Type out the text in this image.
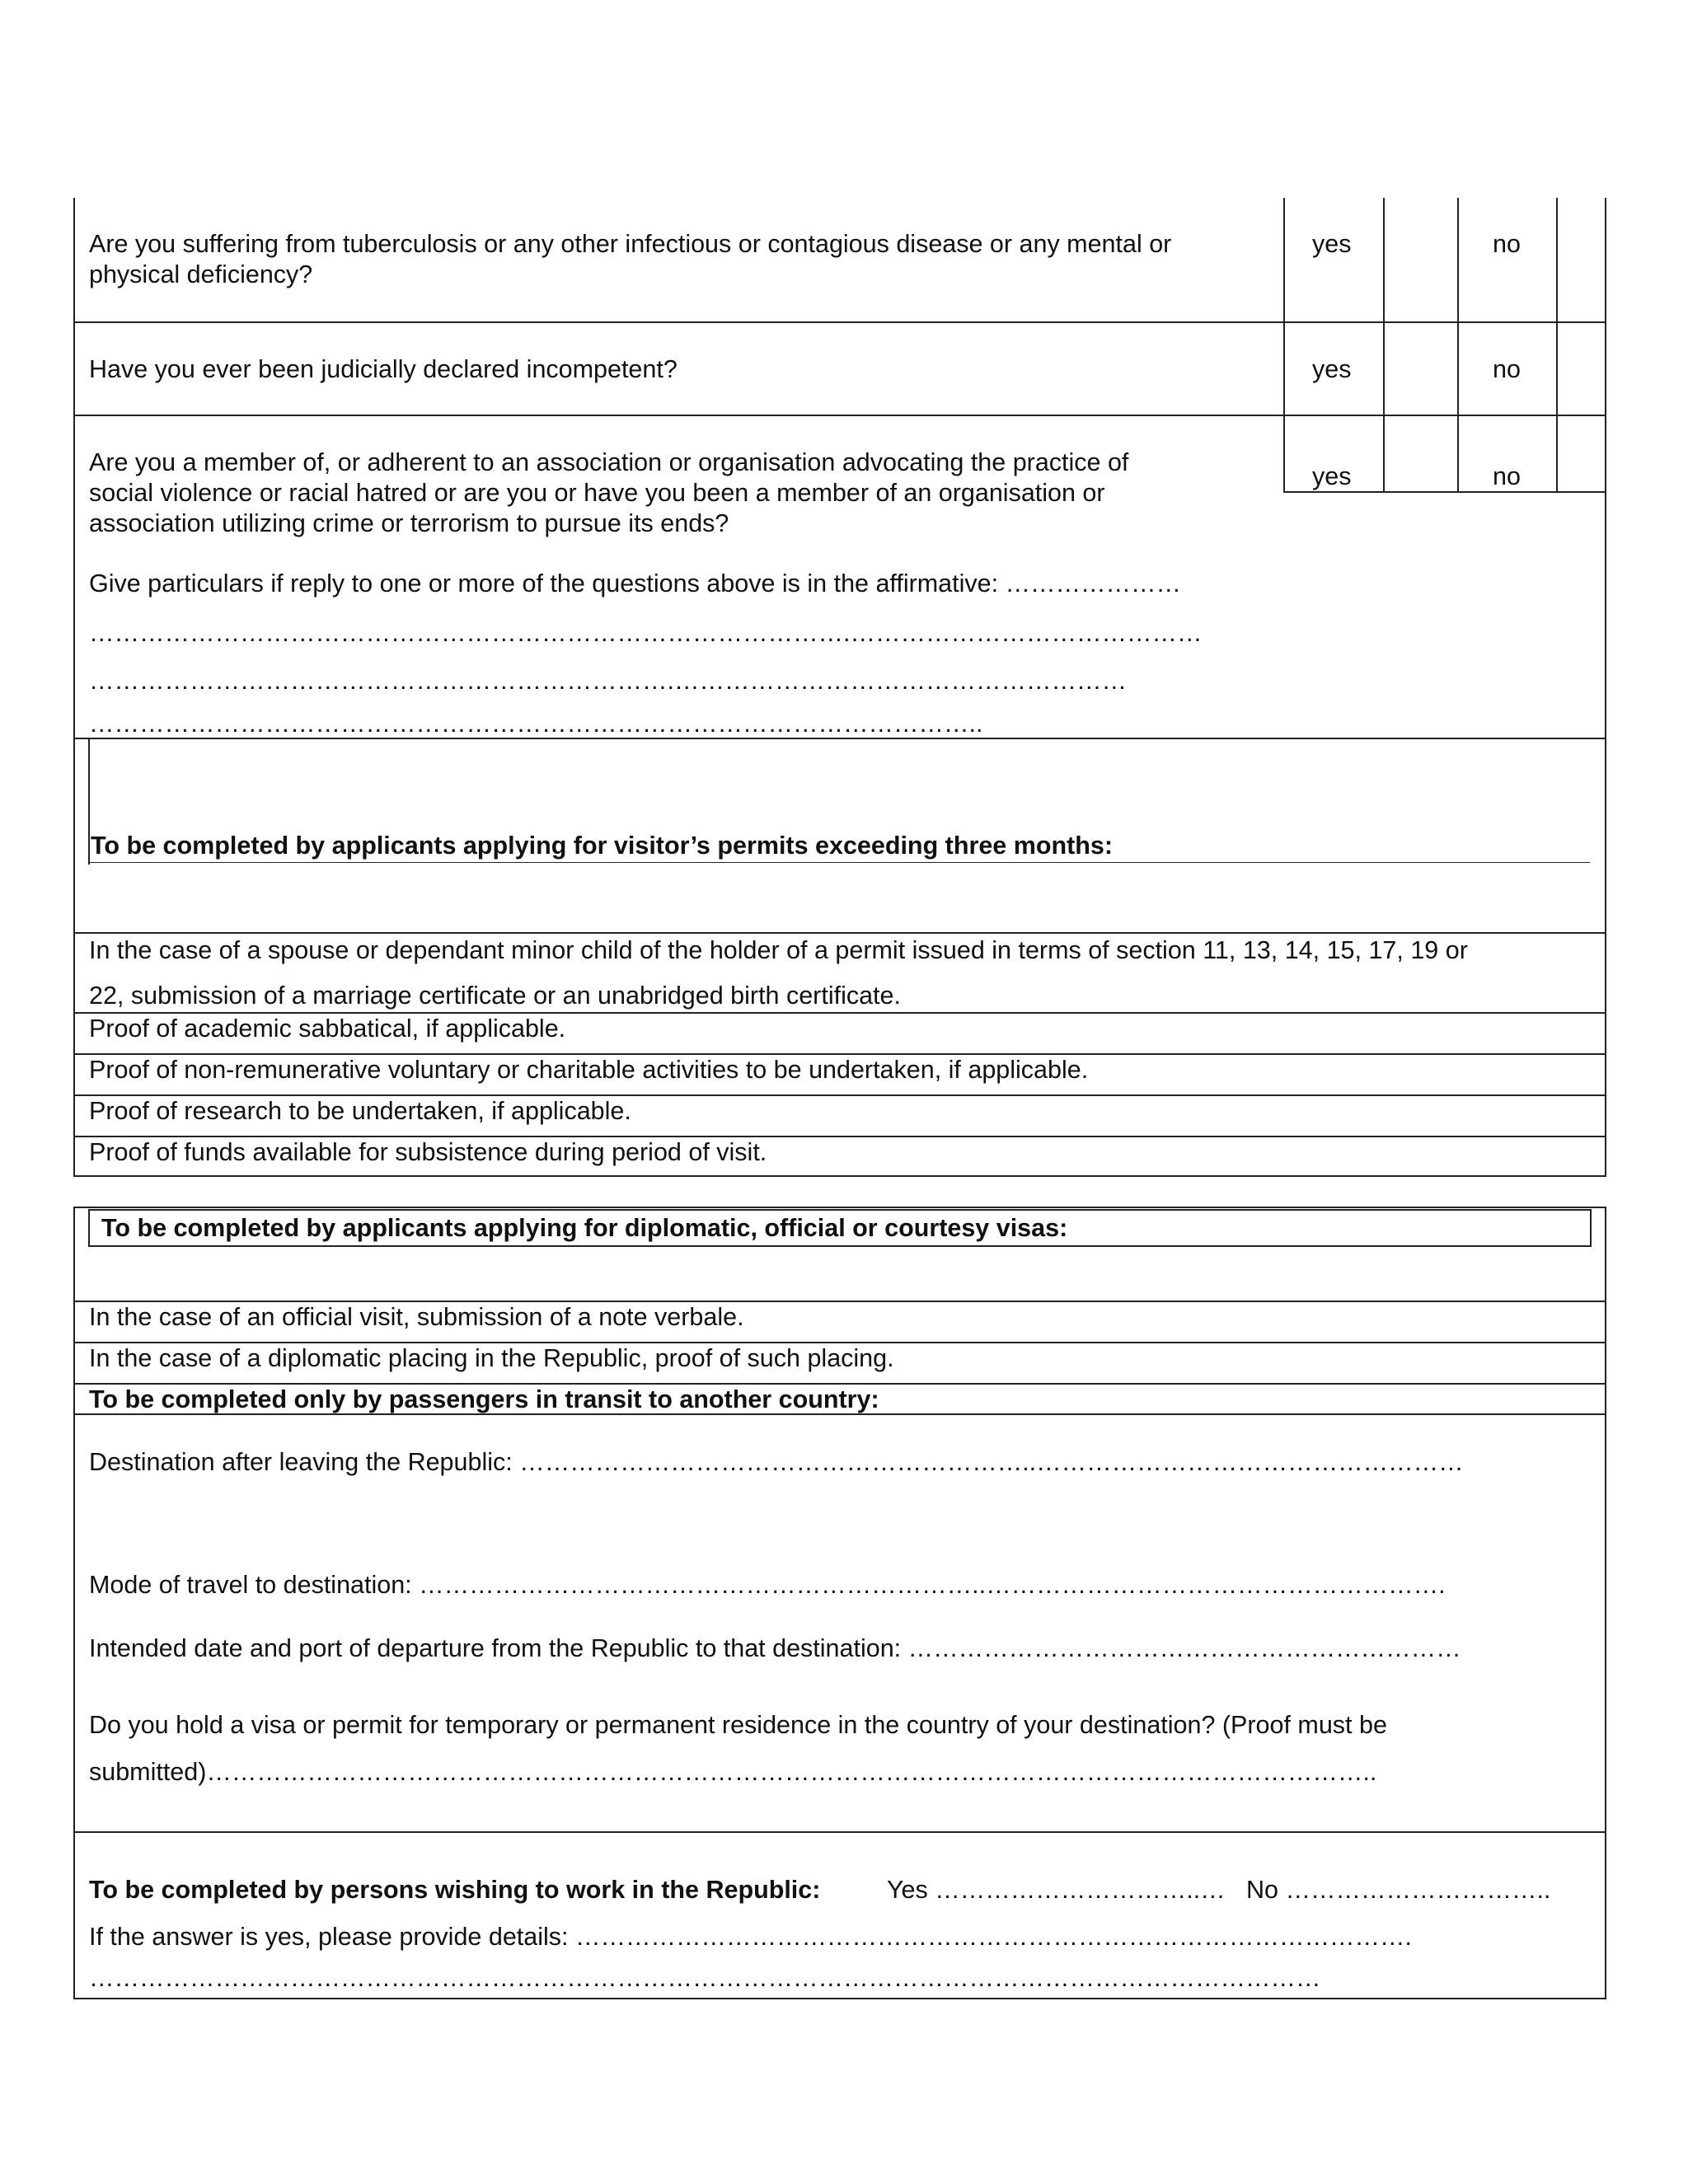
Are you suffering from tuberculosis or any other infectious or contagious disease or any mental or
physical deficiency?
yes	no
Have you ever been judicially declared incompetent?	yes	no
Are you a member of, or adherent to an association or organisation advocating the practice of
social violence or racial hatred or are you or have you been a member of an organisation or
association utilizing crime or terrorism to pursue its ends?
yes	no
Give particulars if reply to one or more of the questions above is in the affirmative: …………………
……………………………………………………………………………….……………………………………
…………………………………………………………….………………………………………………
……………………………………………………………………………………………..
To be completed by applicants applying for visitor’s permits exceeding three months:
In the case of a spouse or dependant minor child of the holder of a permit issued in terms of section 11, 13, 14, 15, 17, 19 or
22, submission of a marriage certificate or an unabridged birth certificate.
Proof of academic sabbatical, if applicable.
Proof of non-remunerative voluntary or charitable activities to be undertaken, if applicable.
Proof of research to be undertaken, if applicable.
Proof of funds available for subsistence during period of visit.
To be completed by applicants applying for diplomatic, official or courtesy visas:
In the case of an official visit, submission of a note verbale.
In the case of a diplomatic placing in the Republic, proof of such placing.
To be completed only by passengers in transit to another country:
Destination after leaving the Republic: ……………………………………………………..……………………………………………
Mode of travel to destination: …………………………………………………………..……………………………………………….
Intended date and port of departure from the Republic to that destination: …………………………………………………………
Do you hold a visa or permit for temporary or permanent residence in the country of your destination? (Proof must be
submitted)…………………………………………………………………………………………………………………………..
To be completed by persons wishing to work in the Republic:	Yes …………………………..… No …………………………..
If the answer is yes, please provide details: ……………………………………………………………………………………….
…………………………………………………………………………………………………………………………………
